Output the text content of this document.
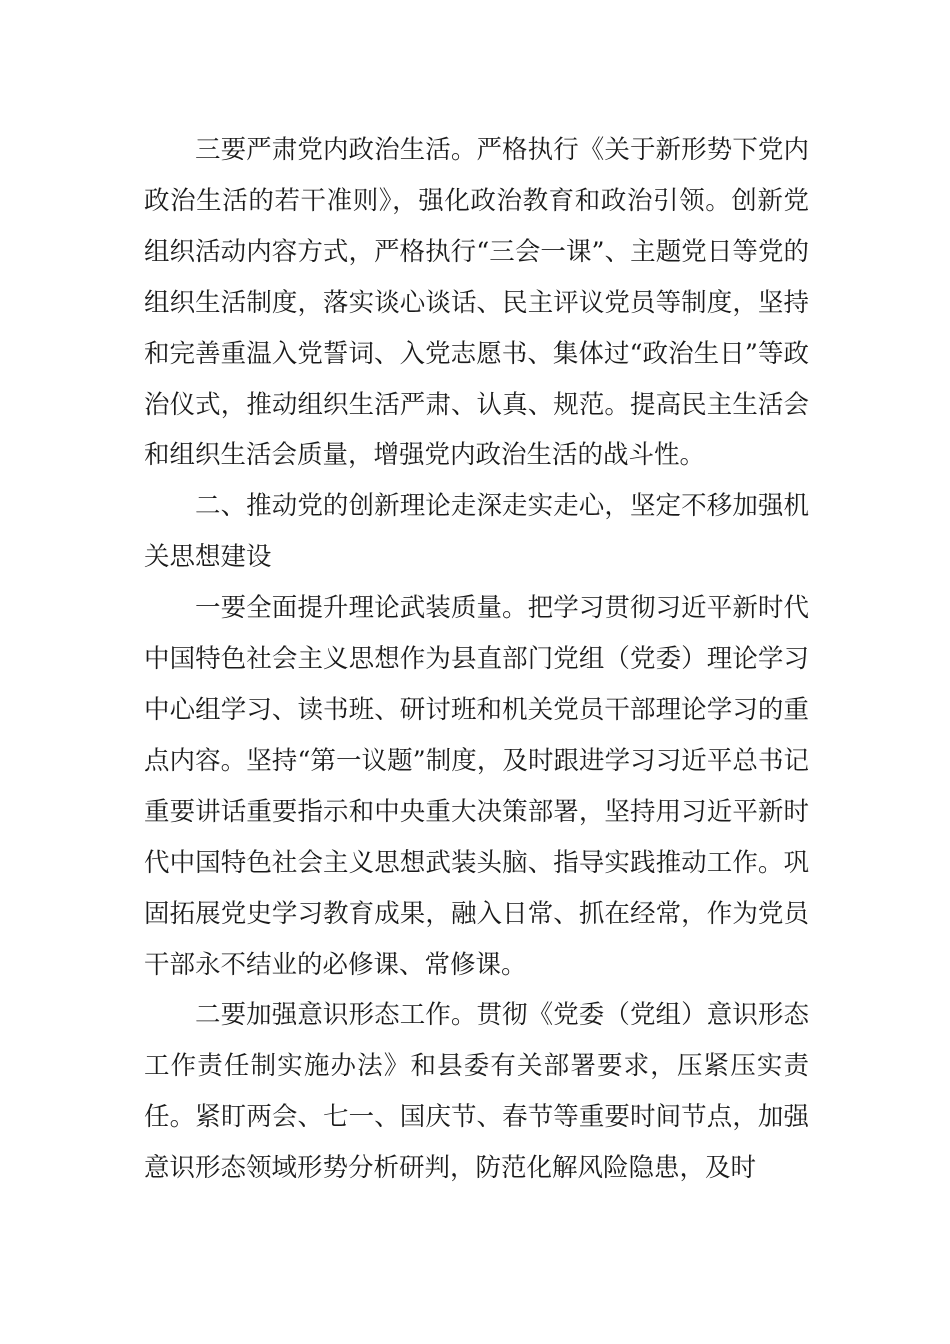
三要严肃党内政治生活。严格执行《关于新形势下党内政治生活的若干准则》，强化政治教育和政治引领。创新党组织活动内容方式，严格执行“三会一课”、主题党日等党的组织生活制度，落实谈心谈话、民主评议党员等制度，坚持和完善重温入党誓词、入党志愿书、集体过“政治生日”等政治仪式，推动组织生活严肃、认真、规范。提高民主生活会和组织生活会质量，增强党内政治生活的战斗性。

二、推动党的创新理论走深走实走心，坚定不移加强机关思想建设

一要全面提升理论武装质量。把学习贯彻习近平新时代中国特色社会主义思想作为县直部门党组（党委）理论学习中心组学习、读书班、研讨班和机关党员干部理论学习的重点内容。坚持“第一议题”制度，及时跟进学习习近平总书记重要讲话重要指示和中央重大决策部署，坚持用习近平新时代中国特色社会主义思想武装头脑、指导实践推动工作。巩固拓展党史学习教育成果，融入日常、抓在经常，作为党员干部永不结业的必修课、常修课。

二要加强意识形态工作。贯彻《党委（党组）意识形态工作责任制实施办法》和县委有关部署要求，压紧压实责任。紧盯两会、七一、国庆节、春节等重要时间节点，加强意识形态领域形势分析研判，防范化解风险隐患，及时
